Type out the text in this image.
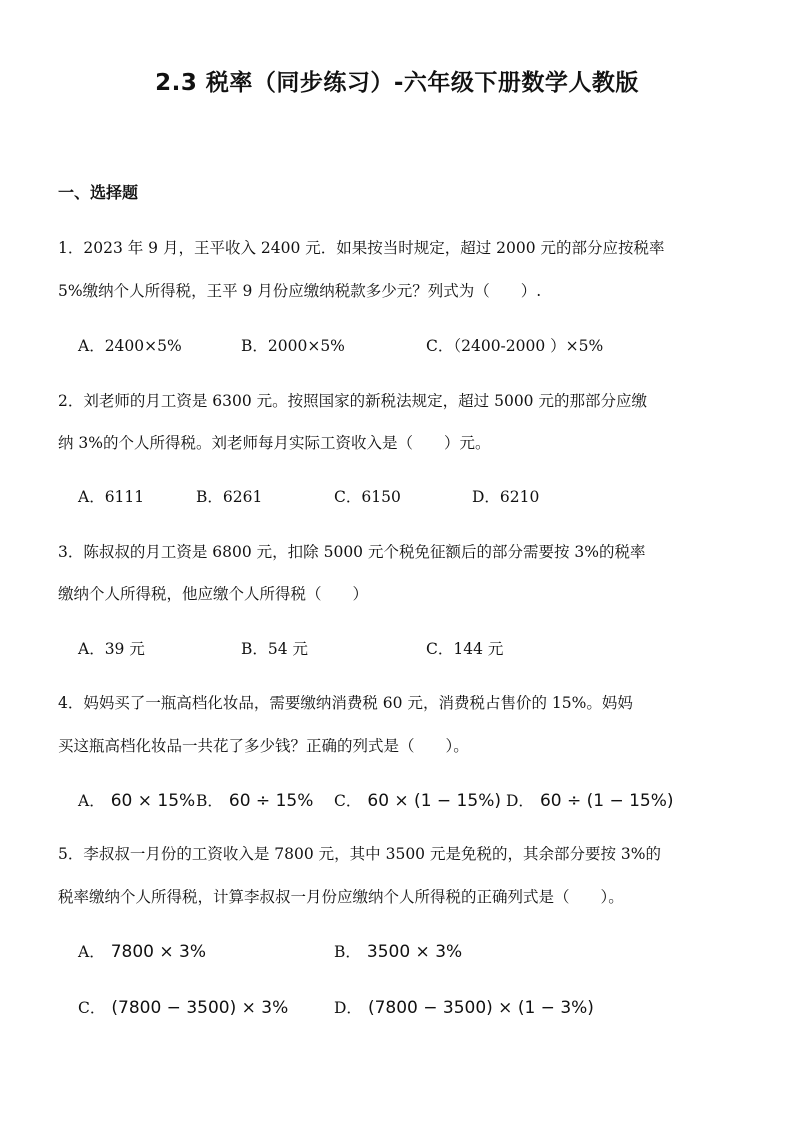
2.3 税率（同步练习）-六年级下册数学人教版
一、选择题
1．2023 年 9 月，王平收入 2400 元．如果按当时规定，超过 2000 元的部分应按税率
5%缴纳个人所得税，王平 9 月份应缴纳税款多少元？列式为（　　）.
A．2400×5%	B．2000×5%	C．（2400-2000 ）×5%
2．刘老师的月工资是 6300 元。按照国家的新税法规定，超过 5000 元的那部分应缴
纳 3%的个人所得税。刘老师每月实际工资收入是（　　）元。
A．6111	B．6261	C．6150	D．6210
3．陈叔叔的月工资是 6800 元，扣除 5000 元个税免征额后的部分需要按 3%的税率
缴纳个人所得税，他应缴个人所得税（　　）
A．39 元	B．54 元	C．144 元
4．妈妈买了一瓶高档化妆品，需要缴纳消费税 60 元，消费税占售价的 15%。妈妈
买这瓶高档化妆品一共花了多少钱？正确的列式是（　　）。
A． 60 × 15% B． 60 ÷ 15% C． 60 × (1 − 15%) D． 60 ÷ (1 − 15%)
5．李叔叔一月份的工资收入是 7800 元，其中 3500 元是免税的，其余部分要按 3%的
税率缴纳个人所得税，计算李叔叔一月份应缴纳个人所得税的正确列式是（　　）。
A． 7800 × 3%	B． 3500 × 3%
C． (7800 − 3500) × 3%	D． (7800 − 3500) × (1 − 3%)
